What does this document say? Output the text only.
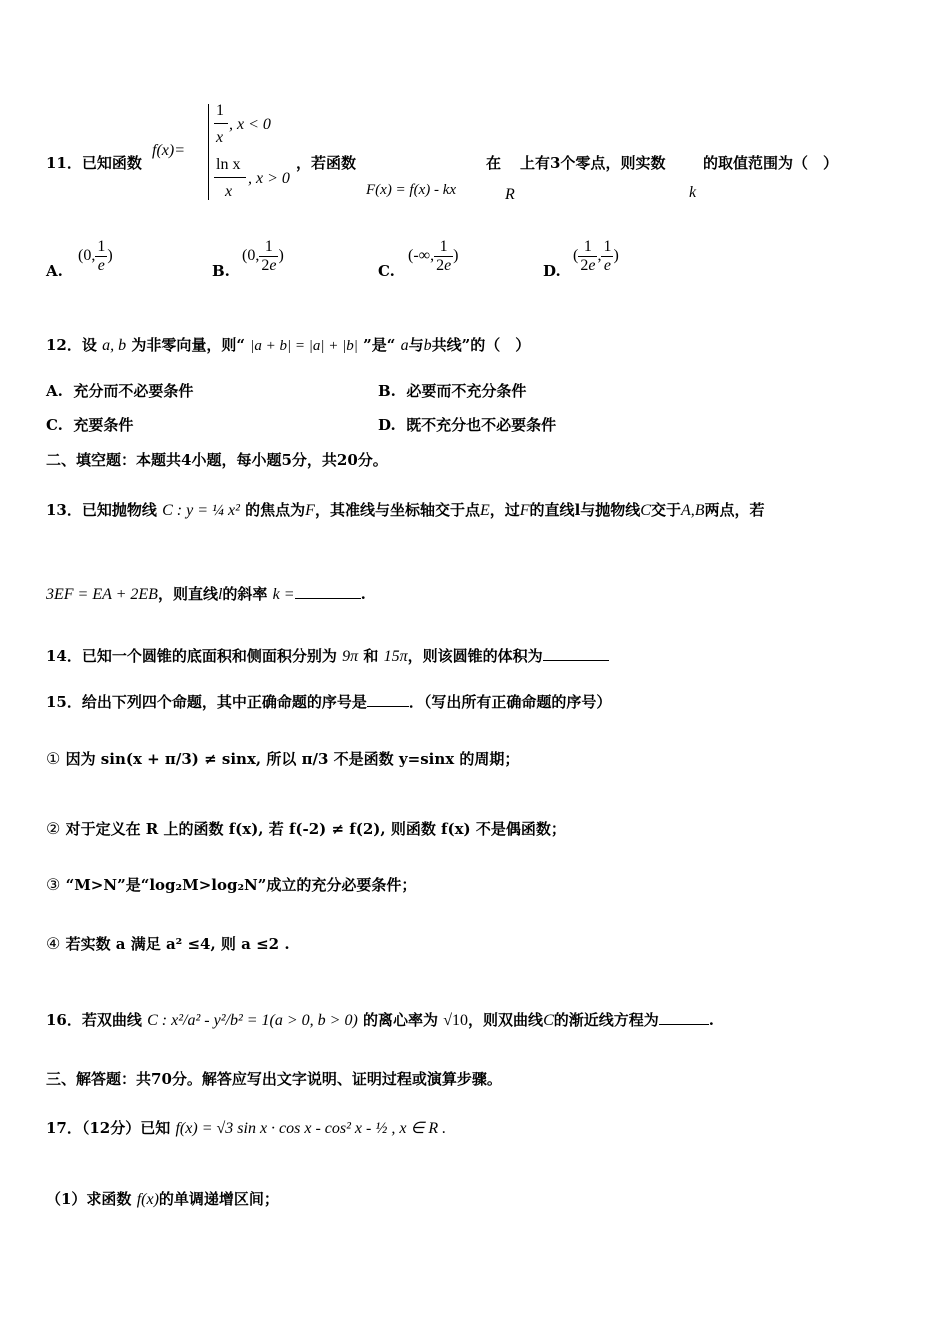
11．已知函数
f(x)=
1
x
, x < 0
ln x
x
, x > 0
，若函数
F(x) = f(x) - kx
在
R
上有3个零点，则实数
k
的取值范围为（　）
A.
(0, $\frac{1}{e}$ )
B.
(0, $\frac{1}{2e}$ )
C.
(-∞, $\frac{1}{2e}$ )
D.
( $\frac{1}{2e}$ , $\frac{1}{e}$ )
12．设 a, b 为非零向量，则“ |a + b| = |a| + |b| ”是“ a与b共线”的（　）
A. 充分而不必要条件	B. 必要而不充分条件
C. 充要条件	D. 既不充分也不必要条件
二、填空题：本题共4小题，每小题5分，共20分。
13．已知抛物线 C : y = ¼ x² 的焦点为F，其准线与坐标轴交于点E，过F的直线l与抛物线C交于A,B两点，若
3EF = EA + 2EB，则直线l的斜率 k =	.
14．已知一个圆锥的底面积和侧面积分别为 9π 和 15π，则该圆锥的体积为
15．给出下列四个命题，其中正确命题的序号是	．（写出所有正确命题的序号）
① 因为 sin(x + π/3) ≠ sinx, 所以 π/3 不是函数 y=sinx 的周期；
② 对于定义在 R 上的函数 f(x), 若 f(-2) ≠ f(2), 则函数 f(x) 不是偶函数；
③ “M>N”是“log₂M>log₂N”成立的充分必要条件；
④ 若实数 a 满足 a² ≤4, 则 a ≤2 .
16．若双曲线 C : x²/a² - y²/b² = 1(a > 0, b > 0) 的离心率为 √10，则双曲线C的渐近线方程为	.
三、解答题：共70分。解答应写出文字说明、证明过程或演算步骤。
17．（12分）已知 f(x) = √3 sin x · cos x - cos² x - ½ , x ∈ R .
（1）求函数 f(x)的单调递增区间；
